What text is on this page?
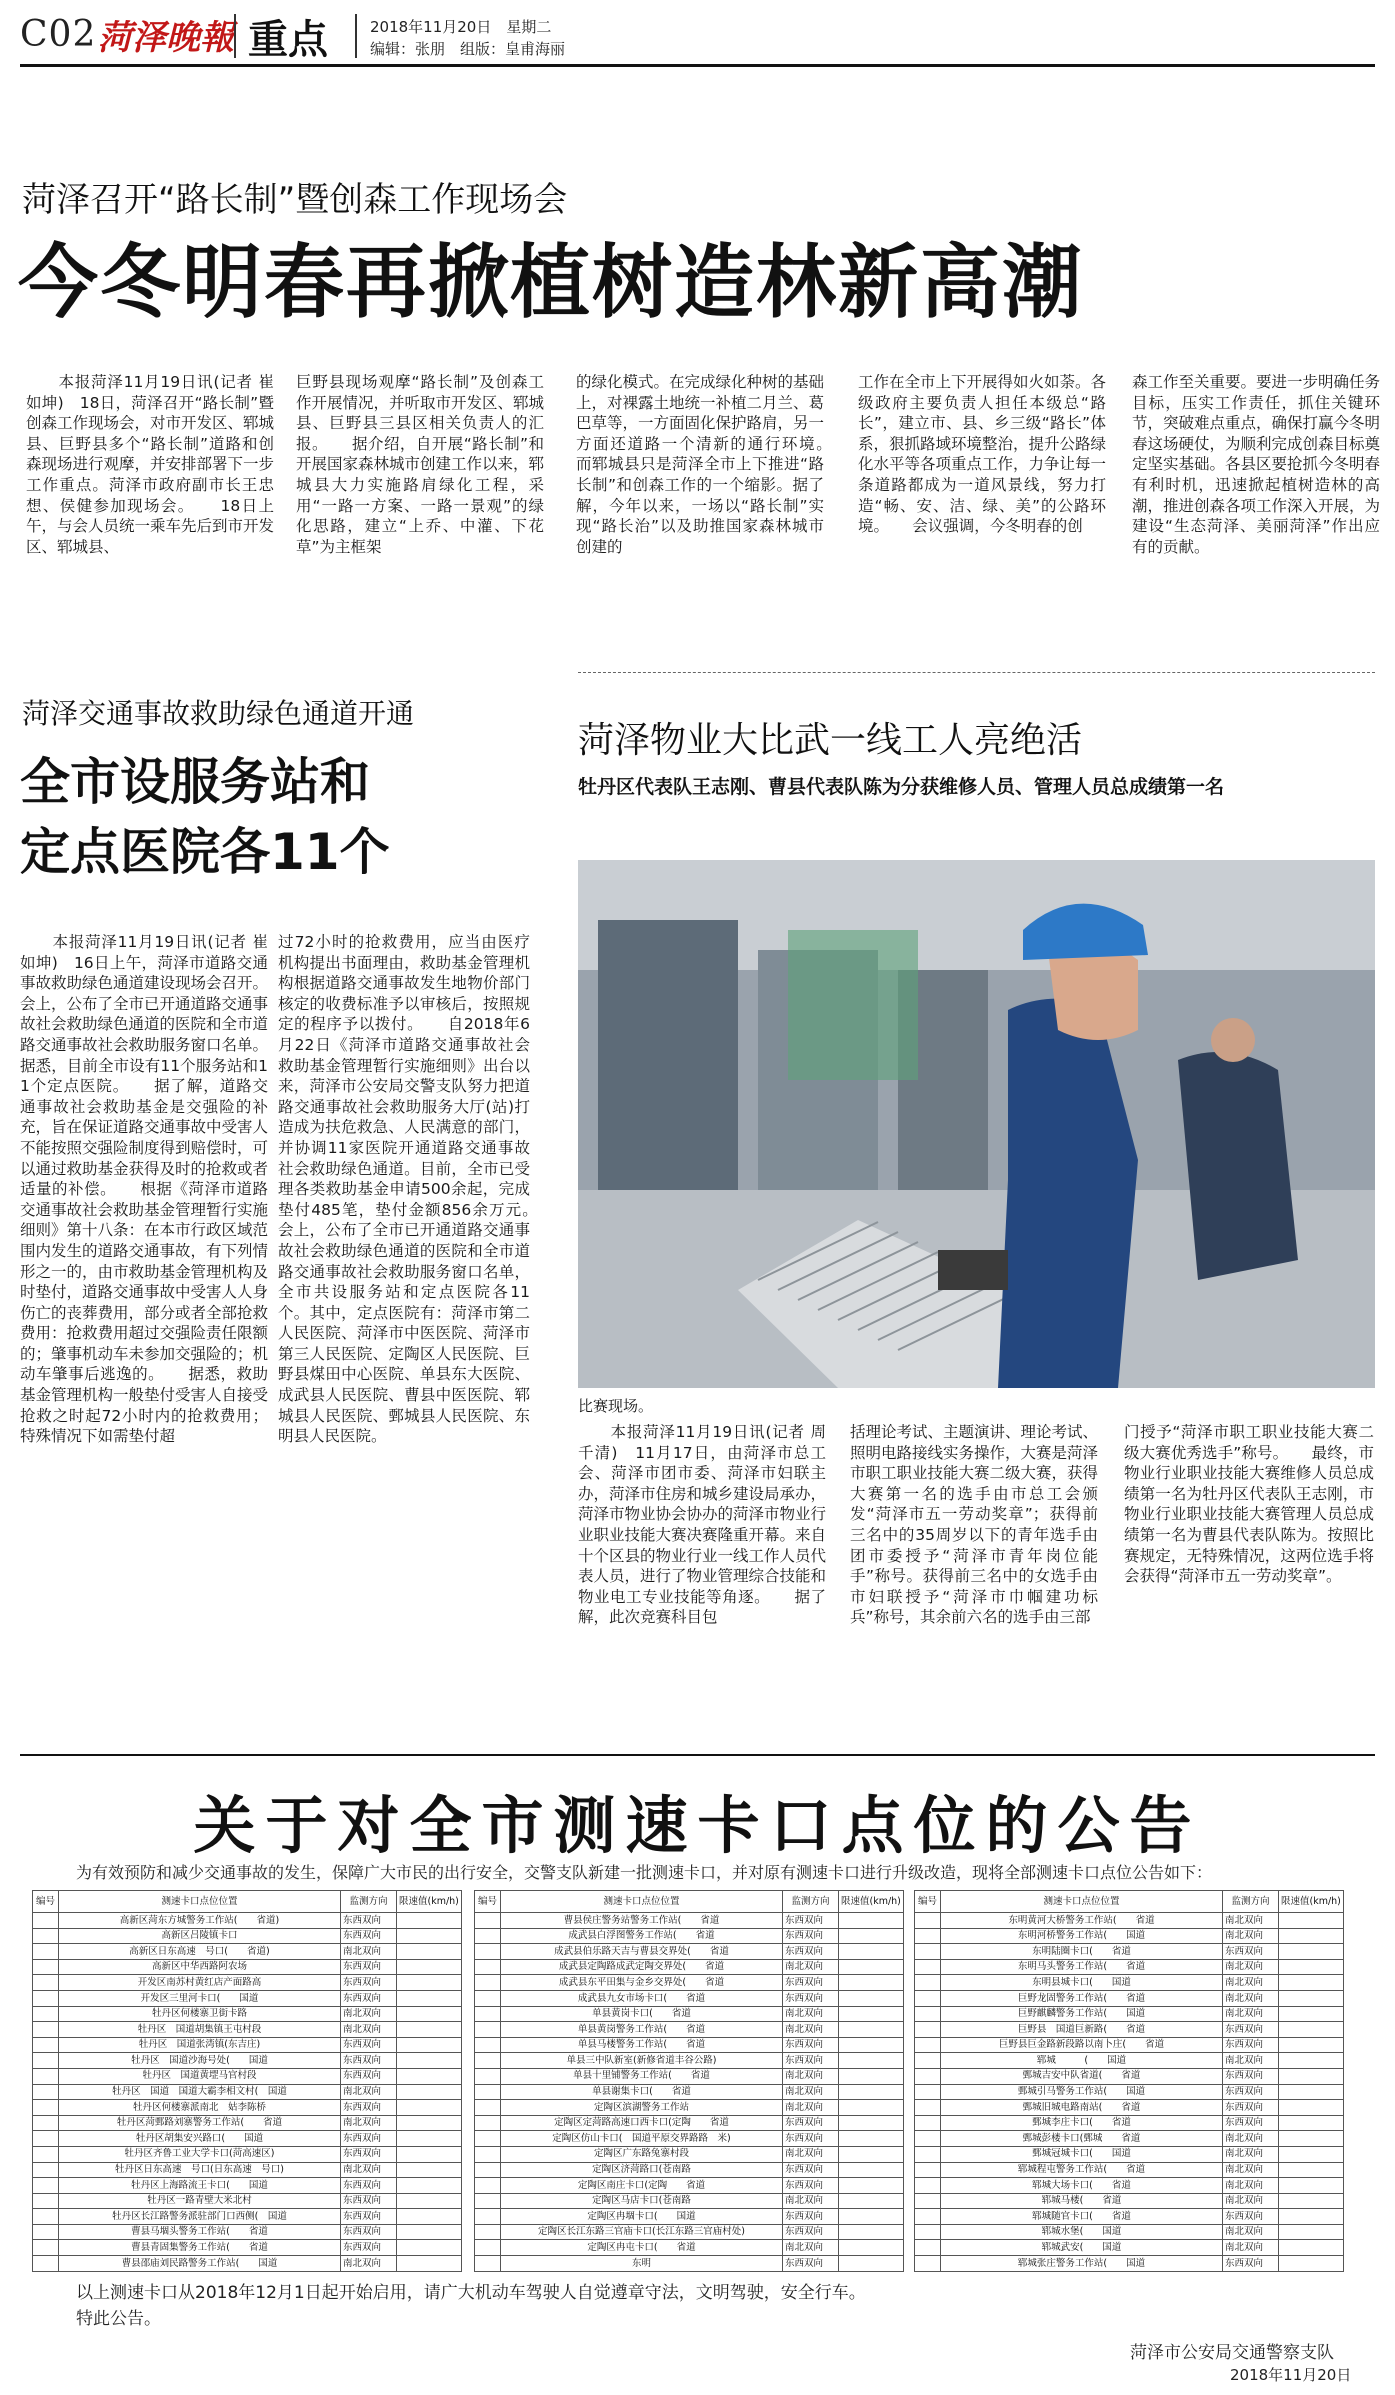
C02 菏泽晚報 重点	2018年11月20日　星期二
编辑：张朋　组版：皇甫海丽
菏泽召开“路长制”暨创森工作现场会
今冬明春再掀植树造林新高潮
　　本报菏泽11月19日讯(记者 崔如坤)　18日，菏泽召开“路长制”暨创森工作现场会，对市开发区、郓城县、巨野县多个“路长制”道路和创森现场进行观摩，并安排部署下一步工作重点。菏泽市政府副市长王忠想、侯健参加现场会。　　18日上午，与会人员统一乘车先后到市开发区、郓城县、
巨野县现场观摩“路长制”及创森工作开展情况，并听取市开发区、郓城县、巨野县三县区相关负责人的汇报。　　据介绍，自开展“路长制”和开展国家森林城市创建工作以来，郓城县大力实施路肩绿化工程，采用“一路一方案、一路一景观”的绿化思路，建立“上乔、中灌、下花草”为主框架
的绿化模式。在完成绿化种树的基础上，对裸露土地统一补植二月兰、葛巴草等，一方面固化保护路肩，另一方面还道路一个清新的通行环境。　　而郓城县只是菏泽全市上下推进“路长制”和创森工作的一个缩影。据了解，今年以来，一场以“路长制”实现“路长治”以及助推国家森林城市创建的
工作在全市上下开展得如火如荼。各级政府主要负责人担任本级总“路长”，建立市、县、乡三级“路长”体系，狠抓路域环境整治，提升公路绿化水平等各项重点工作，力争让每一条道路都成为一道风景线，努力打造“畅、安、洁、绿、美”的公路环境。　　会议强调，今冬明春的创
森工作至关重要。要进一步明确任务目标，压实工作责任，抓住关键环节，突破难点重点，确保打赢今冬明春这场硬仗，为顺利完成创森目标奠定坚实基础。各县区要抢抓今冬明春有利时机，迅速掀起植树造林的高潮，推进创森各项工作深入开展，为建设“生态菏泽、美丽菏泽”作出应有的贡献。
菏泽交通事故救助绿色通道开通
全市设服务站和
定点医院各11个
　　本报菏泽11月19日讯(记者 崔如坤)　16日上午，菏泽市道路交通事故救助绿色通道建设现场会召开。会上，公布了全市已开通道路交通事故社会救助绿色通道的医院和全市道路交通事故社会救助服务窗口名单。据悉，目前全市设有11个服务站和11个定点医院。　　据了解，道路交通事故社会救助基金是交强险的补充，旨在保证道路交通事故中受害人不能按照交强险制度得到赔偿时，可以通过救助基金获得及时的抢救或者适量的补偿。　　根据《菏泽市道路交通事故社会救助基金管理暂行实施细则》第十八条：在本市行政区域范围内发生的道路交通事故，有下列情形之一的，由市救助基金管理机构及时垫付，道路交通事故中受害人人身伤亡的丧葬费用，部分或者全部抢救费用：抢救费用超过交强险责任限额的；肇事机动车未参加交强险的；机动车肇事后逃逸的。　　据悉，救助基金管理机构一般垫付受害人自接受抢救之时起72小时内的抢救费用；特殊情况下如需垫付超
过72小时的抢救费用，应当由医疗机构提出书面理由，救助基金管理机构根据道路交通事故发生地物价部门核定的收费标准予以审核后，按照规定的程序予以拨付。　　自2018年6月22日《菏泽市道路交通事故社会救助基金管理暂行实施细则》出台以来，菏泽市公安局交警支队努力把道路交通事故社会救助服务大厅(站)打造成为扶危救急、人民满意的部门，并协调11家医院开通道路交通事故社会救助绿色通道。目前，全市已受理各类救助基金申请500余起，完成垫付485笔，垫付金额856余万元。　　会上，公布了全市已开通道路交通事故社会救助绿色通道的医院和全市道路交通事故社会救助服务窗口名单，全市共设服务站和定点医院各11个。其中，定点医院有：菏泽市第二人民医院、菏泽市中医医院、菏泽市第三人民医院、定陶区人民医院、巨野县煤田中心医院、单县东大医院、成武县人民医院、曹县中医医院、郓城县人民医院、鄄城县人民医院、东明县人民医院。
菏泽物业大比武一线工人亮绝活
牡丹区代表队王志刚、曹县代表队陈为分获维修人员、管理人员总成绩第一名
比赛现场。
　　本报菏泽11月19日讯(记者 周千清)　11月17日，由菏泽市总工会、菏泽市团市委、菏泽市妇联主办，菏泽市住房和城乡建设局承办，菏泽市物业协会协办的菏泽市物业行业职业技能大赛决赛隆重开幕。来自十个区县的物业行业一线工作人员代表人员，进行了物业管理综合技能和物业电工专业技能等角逐。　　据了解，此次竞赛科目包
括理论考试、主题演讲、理论考试、照明电路接线实务操作，大赛是菏泽市职工职业技能大赛二级大赛，获得大赛第一名的选手由市总工会颁发“菏泽市五一劳动奖章”；获得前三名中的35周岁以下的青年选手由团市委授予“菏泽市青年岗位能手”称号。获得前三名中的女选手由市妇联授予“菏泽市巾帼建功标兵”称号，其余前六名的选手由三部
门授予“菏泽市职工职业技能大赛二级大赛优秀选手”称号。　　最终，市物业行业职业技能大赛维修人员总成绩第一名为牡丹区代表队王志刚，市物业行业职业技能大赛管理人员总成绩第一名为曹县代表队陈为。按照比赛规定，无特殊情况，这两位选手将会获得“菏泽市五一劳动奖章”。
关于对全市测速卡口点位的公告
为有效预防和减少交通事故的发生，保障广大市民的出行安全，交警支队新建一批测速卡口，并对原有测速卡口进行升级改造，现将全部测速卡口点位公告如下：
编号	测速卡口点位位置	监测方向	限速值(km/h)
	高新区菏东方城警务工作站(　　省道)	东西双向	
	高新区吕陵镇卡口	东西双向	
	高新区日东高速　号口(　　省道)	南北双向	
	高新区中华西路阿农场	东西双向	
	开发区南苏村黄红店产面路高	东西双向	
	开发区三里河卡口(　　国道	东西双向	
	牡丹区何楼寨卫街卡路	南北双向	
	牡丹区　国道胡集镇王屯村段	南北双向	
	牡丹区　国道张湾镇(东吉庄)	东西双向	
	牡丹区　国道沙海号处(　　国道	东西双向	
	牡丹区　国道黄堽马官村段	东西双向	
	牡丹区　国道　国道大霸李相文村(　国道	南北双向	
	牡丹区何楼寨派南北　姑李陈桥	东西双向	
	牡丹区菏鄄路刘寨警务工作站(　　省道	南北双向	
	牡丹区胡集安兴路口(　　国道	东西双向	
	牡丹区齐鲁工业大学卡口(菏高速区)	东西双向	
	牡丹区日东高速　号口(日东高速　号口)	南北双向	
	牡丹区上海路流王卡口(　　国道	东西双向	
	牡丹区一路青壁大米北村	东西双向	
	牡丹区长江路警务派驻部门口西侧(　国道	东西双向	
	曹县马堌头警务工作站(　　省道	东西双向	
	曹县青固集警务工作站(　　省道	东西双向	
	曹县邵庙刘民路警务工作站(　　国道	南北双向	
编号	测速卡口点位位置	监测方向	限速值(km/h)
	曹县侯庄警务站警务工作站(　　省道	东西双向	
	成武县白浮图警务工作站(　　省道	东西双向	
	成武县伯乐路天吉与曹县交界处(　　省道	东西双向	
	成武县定陶路成武定陶交界处(　　省道	南北双向	
	成武县东平田集与金乡交界处(　　省道	东西双向	
	成武县九女市场卡口(　　省道	东西双向	
	单县黄岗卡口(　　省道	南北双向	
	单县黄岗警务工作站(　　省道	南北双向	
	单县马楼警务工作站(　　省道	东西双向	
	单县三中队新室(新修省道丰谷公路)	东西双向	
	单县十里铺警务工作站(　　省道	南北双向	
	单县谢集卡口(　　省道	南北双向	
	定陶区滨湖警务工作站	南北双向	
	定陶区定菏路高速口西卡口(定陶　　省道	东西双向	
	定陶区仿山卡口(　国道平原交界路路　米)	东西双向	
	定陶区广东路兔寨村段	南北双向	
	定陶区济菏路口(苍南路	东西双向	
	定陶区南庄卡口(定陶　　省道	东西双向	
	定陶区马店卡口(苍南路	南北双向	
	定陶区冉堌卡口(　　国道	东西双向	
	定陶区长江东路三官庙卡口(长江东路三官庙村处)	东西双向	
	定陶区冉屯卡口(　　省道	南北双向	
	东明	东西双向	
编号	测速卡口点位位置	监测方向	限速值(km/h)
	东明黄河大桥警务工作站(　　省道	南北双向	
	东明河桥警务工作站(　　国道	南北双向	
	东明陆圈卡口(　　省道	东西双向	
	东明马头警务工作站(　　省道	南北双向	
	东明县城卡口(　　国道	南北双向	
	巨野龙固警务工作站(　　省道	南北双向	
	巨野麒麟警务工作站(　　国道	南北双向	
	巨野县　国道巨新路(　　省道	东西双向	
	巨野县巨金路新段路以南卜庄(　　省道	东西双向	
	郓城　　　(　　国道	南北双向	
	鄄城吉安中队省道(　　省道	东西双向	
	鄄城引马警务工作站(　　国道	东西双向	
	鄄城旧城电路南站(　　省道	东西双向	
	鄄城李庄卡口(　　省道	东西双向	
	鄄城彭楼卡口(鄄城　　省道	南北双向	
	鄄城冠城卡口(　　国道	南北双向	
	郓城程屯警务工作站(　　省道	南北双向	
	郓城大场卡口(　　省道	南北双向	
	郓城马楼(　　省道	南北双向	
	郓城随官卡口(　　省道	东西双向	
	郓城水堡(　　国道	南北双向	
	郓城武安(　　国道	南北双向	
	郓城张庄警务工作站(　　国道	东西双向	
以上测速卡口从2018年12月1日起开始启用，请广大机动车驾驶人自觉遵章守法，文明驾驶，安全行车。
特此公告。
菏泽市公安局交通警察支队
2018年11月20日
